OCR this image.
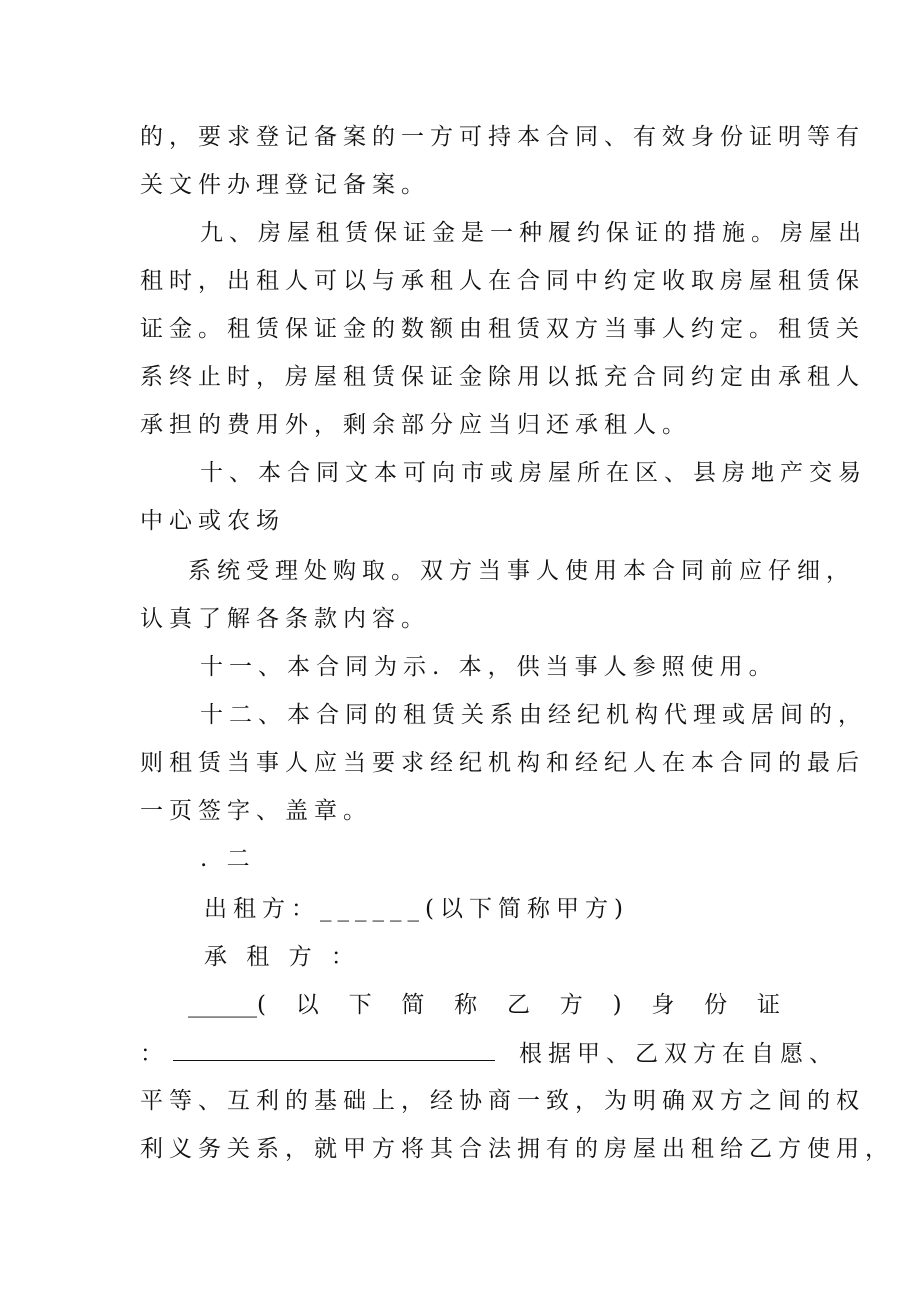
的，要求登记备案的一方可持本合同、有效身份证明等有
关文件办理登记备案。
九、房屋租赁保证金是一种履约保证的措施。房屋出
租时，出租人可以与承租人在合同中约定收取房屋租赁保
证金。租赁保证金的数额由租赁双方当事人约定。租赁关
系终止时，房屋租赁保证金除用以抵充合同约定由承租人
承担的费用外，剩余部分应当归还承租人。
十、本合同文本可向市或房屋所在区、县房地产交易
中心或农场
系统受理处购取。双方当事人使用本合同前应仔细，
认真了解各条款内容。
十一、本合同为示. 本，供当事人参照使用。
十二、本合同的租赁关系由经纪机构代理或居间的，
则租赁当事人应当要求经纪机构和经纪人在本合同的最后
一页签字、盖章。
. 二
出租方：______(以下简称甲方)
承 租 方 ：
______( 以 下 简 称 乙 方 ) 身 份 证
：	根据甲、乙双方在自愿、
平等、互利的基础上，经协商一致，为明确双方之间的权
利义务关系，就甲方将其合法拥有的房屋出租给乙方使用，
